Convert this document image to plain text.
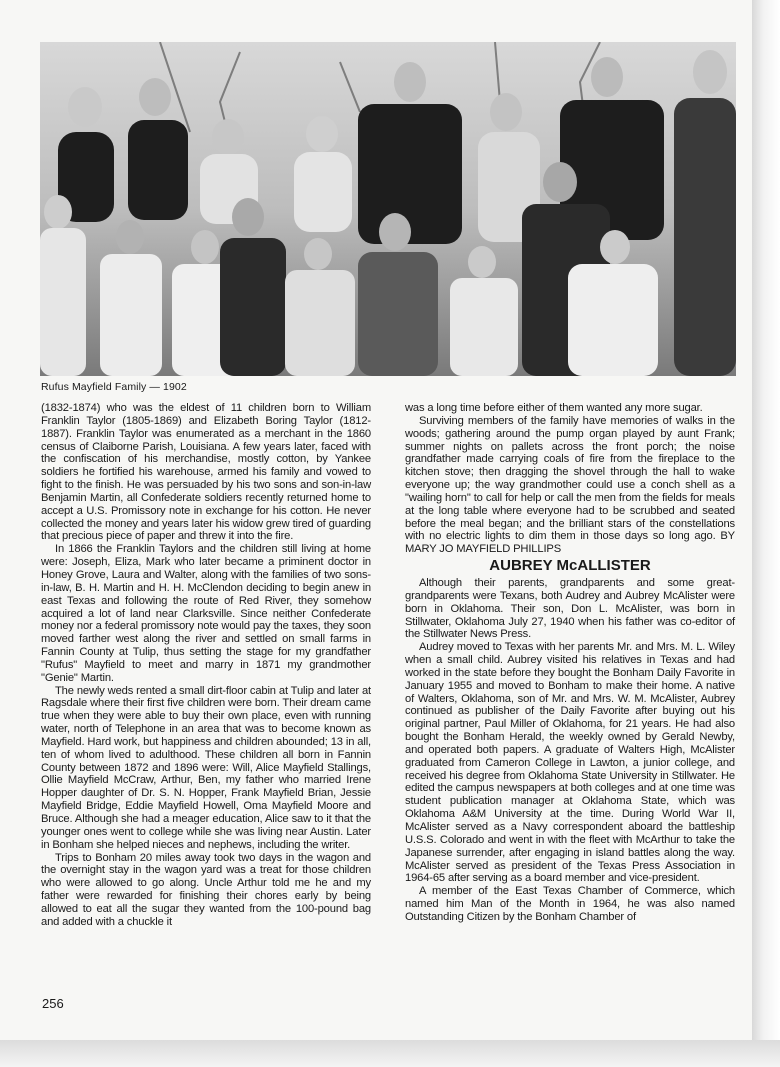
Rufus Mayfield Family — 1902

(1832-1874) who was the eldest of 11 children born to William Franklin Taylor (1805-1869) and Elizabeth Boring Taylor (1812-1887). Franklin Taylor was enumerated as a merchant in the 1860 census of Claiborne Parish, Louisiana. A few years later, faced with the confiscation of his merchandise, mostly cotton, by Yankee soldiers he fortified his warehouse, armed his family and vowed to fight to the finish. He was persuaded by his two sons and son-in-law Benjamin Martin, all Confederate soldiers recently returned home to accept a U.S. Promissory note in exchange for his cotton. He never collected the money and years later his widow grew tired of guarding that precious piece of paper and threw it into the fire.

In 1866 the Franklin Taylors and the children still living at home were: Joseph, Eliza, Mark who later became a priminent doctor in Honey Grove, Laura and Walter, along with the families of two sons-in-law, B. H. Martin and H. H. McClendon deciding to begin anew in east Texas and following the route of Red River, they somehow acquired a lot of land near Clarksville. Since neither Confederate money nor a federal promissory note would pay the taxes, they soon moved farther west along the river and settled on small farms in Fannin County at Tulip, thus setting the stage for my grandfather "Rufus" Mayfield to meet and marry in 1871 my grandmother "Genie" Martin.

The newly weds rented a small dirt-floor cabin at Tulip and later at Ragsdale where their first five children were born. Their dream came true when they were able to buy their own place, even with running water, north of Telephone in an area that was to become known as Mayfield. Hard work, but happiness and children abounded; 13 in all, ten of whom lived to adulthood. These children all born in Fannin County between 1872 and 1896 were: Will, Alice Mayfield Stallings, Ollie Mayfield McCraw, Arthur, Ben, my father who married Irene Hopper daughter of Dr. S. N. Hopper, Frank Mayfield Brian, Jessie Mayfield Bridge, Eddie Mayfield Howell, Oma Mayfield Moore and Bruce. Although she had a meager education, Alice saw to it that the younger ones went to college while she was living near Austin. Later in Bonham she helped nieces and nephews, including the writer.

Trips to Bonham 20 miles away took two days in the wagon and the overnight stay in the wagon yard was a treat for those children who were allowed to go along. Uncle Arthur told me he and my father were rewarded for finishing their chores early by being allowed to eat all the sugar they wanted from the 100-pound bag and added with a chuckle it

was a long time before either of them wanted any more sugar.

Surviving members of the family have memories of walks in the woods; gathering around the pump organ played by aunt Frank; summer nights on pallets across the front porch; the noise grandfather made carrying coals of fire from the fireplace to the kitchen stove; then dragging the shovel through the hall to wake everyone up; the way grandmother could use a conch shell as a "wailing horn" to call for help or call the men from the fields for meals at the long table where everyone had to be scrubbed and seated before the meal began; and the brilliant stars of the constellations with no electric lights to dim them in those days so long ago. BY MARY JO MAYFIELD PHILLIPS

AUBREY McALLISTER

Although their parents, grandparents and some great-grandparents were Texans, both Audrey and Aubrey McAlister were born in Oklahoma. Their son, Don L. McAlister, was born in Stillwater, Oklahoma July 27, 1940 when his father was co-editor of the Stillwater News Press.

Audrey moved to Texas with her parents Mr. and Mrs. M. L. Wiley when a small child. Aubrey visited his relatives in Texas and had worked in the state before they bought the Bonham Daily Favorite in January 1955 and moved to Bonham to make their home. A native of Walters, Oklahoma, son of Mr. and Mrs. W. M. McAlister, Aubrey continued as publisher of the Daily Favorite after buying out his original partner, Paul Miller of Oklahoma, for 21 years. He had also bought the Bonham Herald, the weekly owned by Gerald Newby, and operated both papers. A graduate of Walters High, McAlister graduated from Cameron College in Lawton, a junior college, and received his degree from Oklahoma State University in Stillwater. He edited the campus newspapers at both colleges and at one time was student publication manager at Oklahoma State, which was Oklahoma A&M University at the time. During World War II, McAlister served as a Navy correspondent aboard the battleship U.S.S. Colorado and went in with the fleet with McArthur to take the Japanese surrender, after engaging in island battles along the way. McAlister served as president of the Texas Press Association in 1964-65 after serving as a board member and vice-president.

A member of the East Texas Chamber of Commerce, which named him Man of the Month in 1964, he was also named Outstanding Citizen by the Bonham Chamber of

256
